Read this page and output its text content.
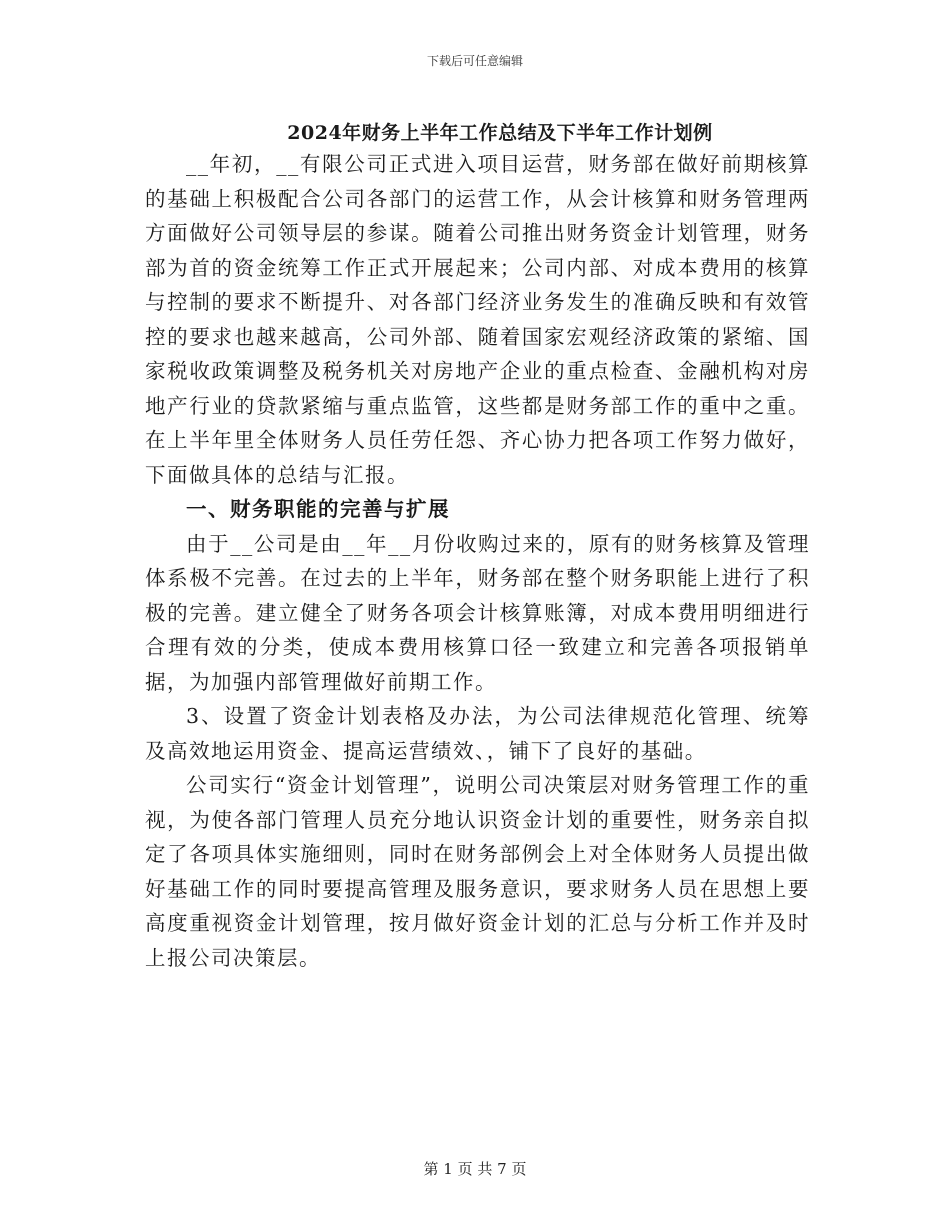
下载后可任意编辑
2024年财务上半年工作总结及下半年工作计划例

__年初，__有限公司正式进入项目运营，财务部在做好前期核算的基础上积极配合公司各部门的运营工作，从会计核算和财务管理两方面做好公司领导层的参谋。随着公司推出财务资金计划管理，财务部为首的资金统筹工作正式开展起来；公司内部、对成本费用的核算与控制的要求不断提升、对各部门经济业务发生的准确反映和有效管控的要求也越来越高，公司外部、随着国家宏观经济政策的紧缩、国家税收政策调整及税务机关对房地产企业的重点检查、金融机构对房地产行业的贷款紧缩与重点监管，这些都是财务部工作的重中之重。在上半年里全体财务人员任劳任怨、齐心协力把各项工作努力做好，下面做具体的总结与汇报。

一、财务职能的完善与扩展

由于__公司是由__年__月份收购过来的，原有的财务核算及管理体系极不完善。在过去的上半年，财务部在整个财务职能上进行了积极的完善。建立健全了财务各项会计核算账簿，对成本费用明细进行合理有效的分类，使成本费用核算口径一致建立和完善各项报销单据，为加强内部管理做好前期工作。

3、设置了资金计划表格及办法，为公司法律规范化管理、统筹及高效地运用资金、提高运营绩效、，铺下了良好的基础。

公司实行“资金计划管理”，说明公司决策层对财务管理工作的重视，为使各部门管理人员充分地认识资金计划的重要性，财务亲自拟定了各项具体实施细则，同时在财务部例会上对全体财务人员提出做好基础工作的同时要提高管理及服务意识，要求财务人员在思想上要高度重视资金计划管理，按月做好资金计划的汇总与分析工作并及时上报公司决策层。

第 1 页 共 7 页
